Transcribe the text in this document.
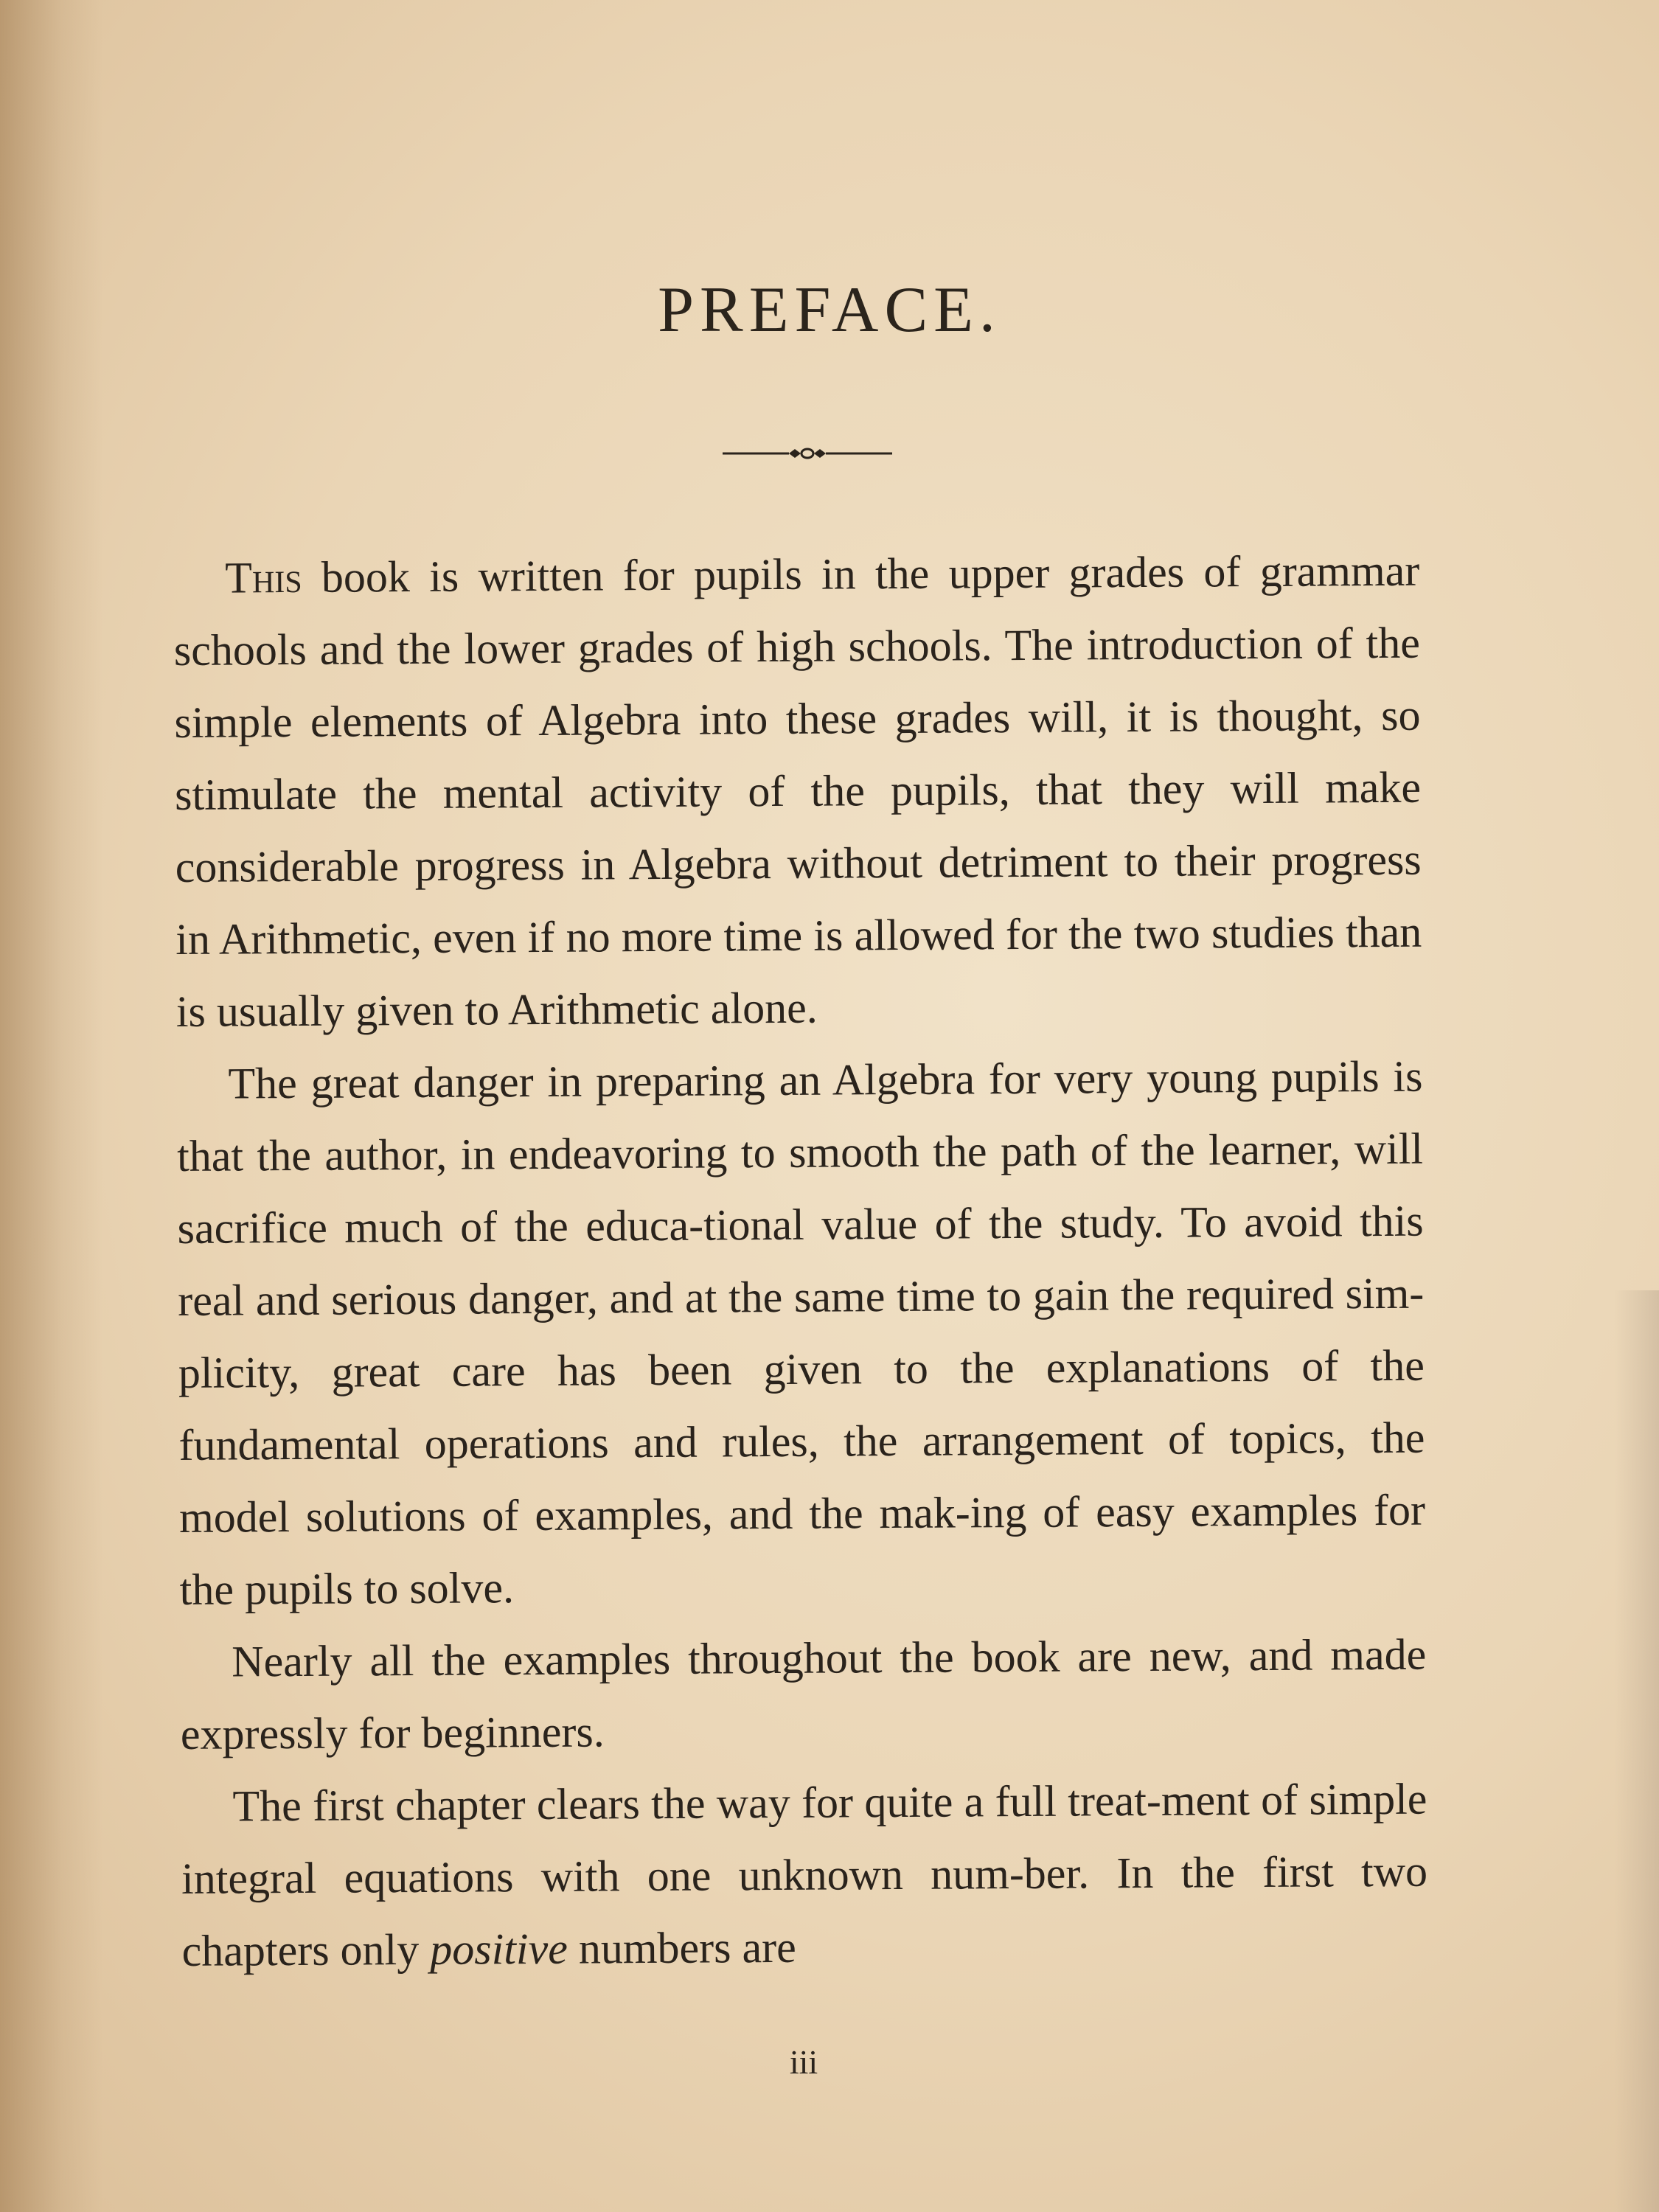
PREFACE.

This book is written for pupils in the upper grades of grammar schools and the lower grades of high schools. The introduction of the simple elements of Algebra into these grades will, it is thought, so stimulate the mental activity of the pupils, that they will make considerable progress in Algebra without detriment to their progress in Arithmetic, even if no more time is allowed for the two studies than is usually given to Arithmetic alone.

The great danger in preparing an Algebra for very young pupils is that the author, in endeavoring to smooth the path of the learner, will sacrifice much of the educa-tional value of the study. To avoid this real and serious danger, and at the same time to gain the required sim-plicity, great care has been given to the explanations of the fundamental operations and rules, the arrangement of topics, the model solutions of examples, and the mak-ing of easy examples for the pupils to solve.

Nearly all the examples throughout the book are new, and made expressly for beginners.

The first chapter clears the way for quite a full treat-ment of simple integral equations with one unknown num-ber. In the first two chapters only positive numbers are

iii
